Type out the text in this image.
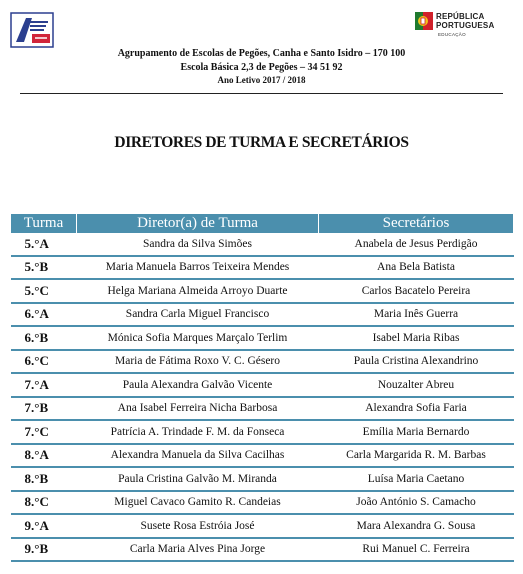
REPÚBLICA
PORTUGUESA
EDUCAÇÃO
Agrupamento de Escolas de Pegões, Canha e Santo Isidro – 170 100
Escola Básica 2,3 de Pegões – 34 51 92
Ano Letivo 2017 / 2018
DIRETORES DE TURMA E SECRETÁRIOS
Turma	Diretor(a) de Turma	Secretários
5.°A	Sandra da Silva Simões	Anabela de Jesus Perdigão
5.°B	Maria Manuela Barros Teixeira Mendes	Ana Bela Batista
5.°C	Helga Mariana Almeida Arroyo Duarte	Carlos Bacatelo Pereira
6.°A	Sandra Carla Miguel Francisco	Maria Inês Guerra
6.°B	Mónica Sofia Marques Marçalo Terlim	Isabel Maria Ribas
6.°C	Maria de Fátima Roxo V. C. Gésero	Paula Cristina Alexandrino
7.°A	Paula Alexandra Galvão Vicente	Nouzalter Abreu
7.°B	Ana Isabel Ferreira Nicha Barbosa	Alexandra Sofia Faria
7.°C	Patrícia A. Trindade F. M. da Fonseca	Emília Maria Bernardo
8.°A	Alexandra Manuela da Silva Cacilhas	Carla Margarida R. M. Barbas
8.°B	Paula Cristina Galvão M. Miranda	Luísa Maria Caetano
8.°C	Miguel Cavaco Gamito R. Candeias	João António S. Camacho
9.°A	Susete Rosa Estróia José	Mara Alexandra G. Sousa
9.°B	Carla Maria Alves Pina Jorge	Rui Manuel C. Ferreira
